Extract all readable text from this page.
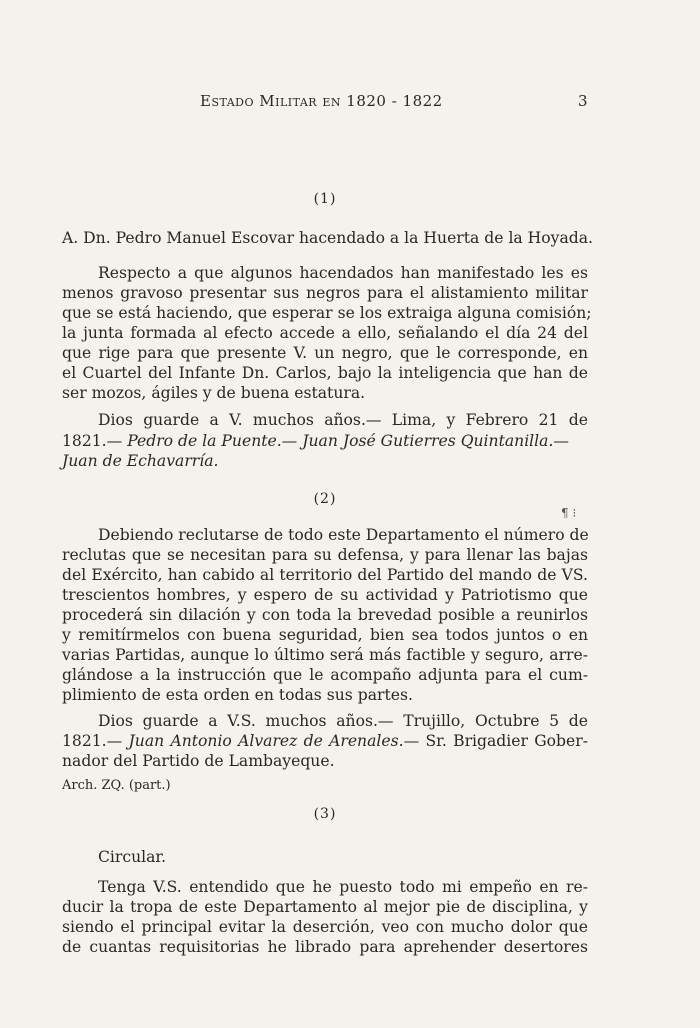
Estado Militar en 1820 - 1822	3
(1)
A. Dn. Pedro Manuel Escovar hacendado a la Huerta de la Hoyada.
Respecto a que algunos hacendados han manifestado les es
menos gravoso presentar sus negros para el alistamiento militar
que se está haciendo, que esperar se los extraiga alguna comisión;
la junta formada al efecto accede a ello, señalando el día 24 del
que rige para que presente V. un negro, que le corresponde, en
el Cuartel del Infante Dn. Carlos, bajo la inteligencia que han de
ser mozos, ágiles y de buena estatura.
Dios guarde a V. muchos años.— Lima, y Febrero 21 de
1821.— Pedro de la Puente.— Juan José Gutierres Quintanilla.—
Juan de Echavarría.
(2)
¶ ⁝
Debiendo reclutarse de todo este Departamento el número de
reclutas que se necesitan para su defensa, y para llenar las bajas
del Exército, han cabido al territorio del Partido del mando de VS.
trescientos hombres, y espero de su actividad y Patriotismo que
procederá sin dilación y con toda la brevedad posible a reunirlos
y remitírmelos con buena seguridad, bien sea todos juntos o en
varias Partidas, aunque lo último será más factible y seguro, arre-
glándose a la instrucción que le acompaño adjunta para el cum-
plimiento de esta orden en todas sus partes.
Dios guarde a V.S. muchos años.— Trujillo, Octubre 5 de
1821.— Juan Antonio Alvarez de Arenales.— Sr. Brigadier Gober-
nador del Partido de Lambayeque.
Arch. ZQ. (part.)
(3)
Circular.
Tenga V.S. entendido que he puesto todo mi empeño en re-
ducir la tropa de este Departamento al mejor pie de disciplina, y
siendo el principal evitar la deserción, veo con mucho dolor que
de cuantas requisitorias he librado para aprehender desertores
